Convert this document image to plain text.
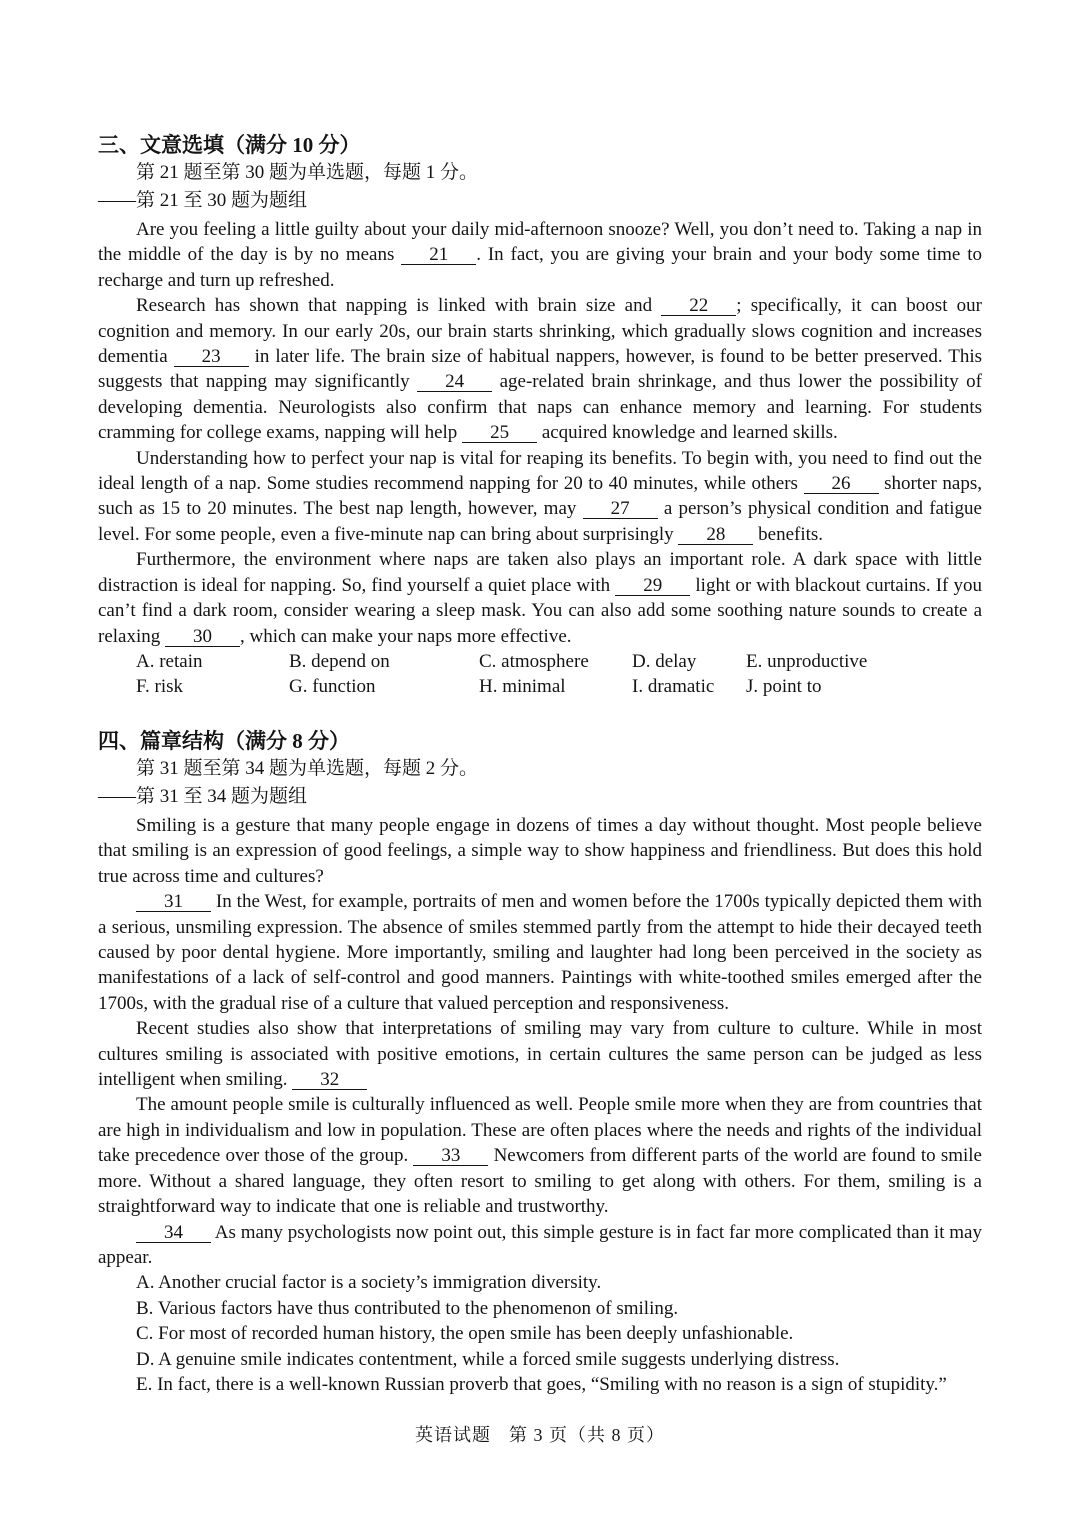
三、文意选填（满分 10 分）

第 21 题至第 30 题为单选题，每题 1 分。

——第 21 至 30 题为题组

Are you feeling a little guilty about your daily mid-afternoon snooze? Well, you don’t need to. Taking a nap in the middle of the day is by no means 21 . In fact, you are giving your brain and your body some time to recharge and turn up refreshed.

Research has shown that napping is linked with brain size and 22 ; specifically, it can boost our cognition and memory. In our early 20s, our brain starts shrinking, which gradually slows cognition and increases dementia 23 in later life. The brain size of habitual nappers, however, is found to be better preserved. This suggests that napping may significantly 24 age-related brain shrinkage, and thus lower the possibility of developing dementia. Neurologists also confirm that naps can enhance memory and learning. For students cramming for college exams, napping will help 25 acquired knowledge and learned skills.

Understanding how to perfect your nap is vital for reaping its benefits. To begin with, you need to find out the ideal length of a nap. Some studies recommend napping for 20 to 40 minutes, while others 26 shorter naps, such as 15 to 20 minutes. The best nap length, however, may 27 a person’s physical condition and fatigue level. For some people, even a five-minute nap can bring about surprisingly 28 benefits.

Furthermore, the environment where naps are taken also plays an important role. A dark space with little distraction is ideal for napping. So, find yourself a quiet place with 29 light or with blackout curtains. If you can’t find a dark room, consider wearing a sleep mask. You can also add some soothing nature sounds to create a relaxing 30 , which can make your naps more effective.

A. retain	B. depend on	C. atmosphere	D. delay	E. unproductive
F. risk	G. function	H. minimal	I. dramatic	J. point to
四、篇章结构（满分 8 分）

第 31 题至第 34 题为单选题，每题 2 分。

——第 31 至 34 题为题组

Smiling is a gesture that many people engage in dozens of times a day without thought. Most people believe that smiling is an expression of good feelings, a simple way to show happiness and friendliness. But does this hold true across time and cultures?

31 In the West, for example, portraits of men and women before the 1700s typically depicted them with a serious, unsmiling expression. The absence of smiles stemmed partly from the attempt to hide their decayed teeth caused by poor dental hygiene. More importantly, smiling and laughter had long been perceived in the society as manifestations of a lack of self-control and good manners. Paintings with white-toothed smiles emerged after the 1700s, with the gradual rise of a culture that valued perception and responsiveness.

Recent studies also show that interpretations of smiling may vary from culture to culture. While in most cultures smiling is associated with positive emotions, in certain cultures the same person can be judged as less intelligent when smiling. 32

The amount people smile is culturally influenced as well. People smile more when they are from countries that are high in individualism and low in population. These are often places where the needs and rights of the individual take precedence over those of the group. 33 Newcomers from different parts of the world are found to smile more. Without a shared language, they often resort to smiling to get along with others. For them, smiling is a straightforward way to indicate that one is reliable and trustworthy.

34 As many psychologists now point out, this simple gesture is in fact far more complicated than it may appear.

A. Another crucial factor is a society’s immigration diversity.
B. Various factors have thus contributed to the phenomenon of smiling.
C. For most of recorded human history, the open smile has been deeply unfashionable.
D. A genuine smile indicates contentment, while a forced smile suggests underlying distress.
E. In fact, there is a well-known Russian proverb that goes, “Smiling with no reason is a sign of stupidity.”
英语试题 第 3 页（共 8 页）
